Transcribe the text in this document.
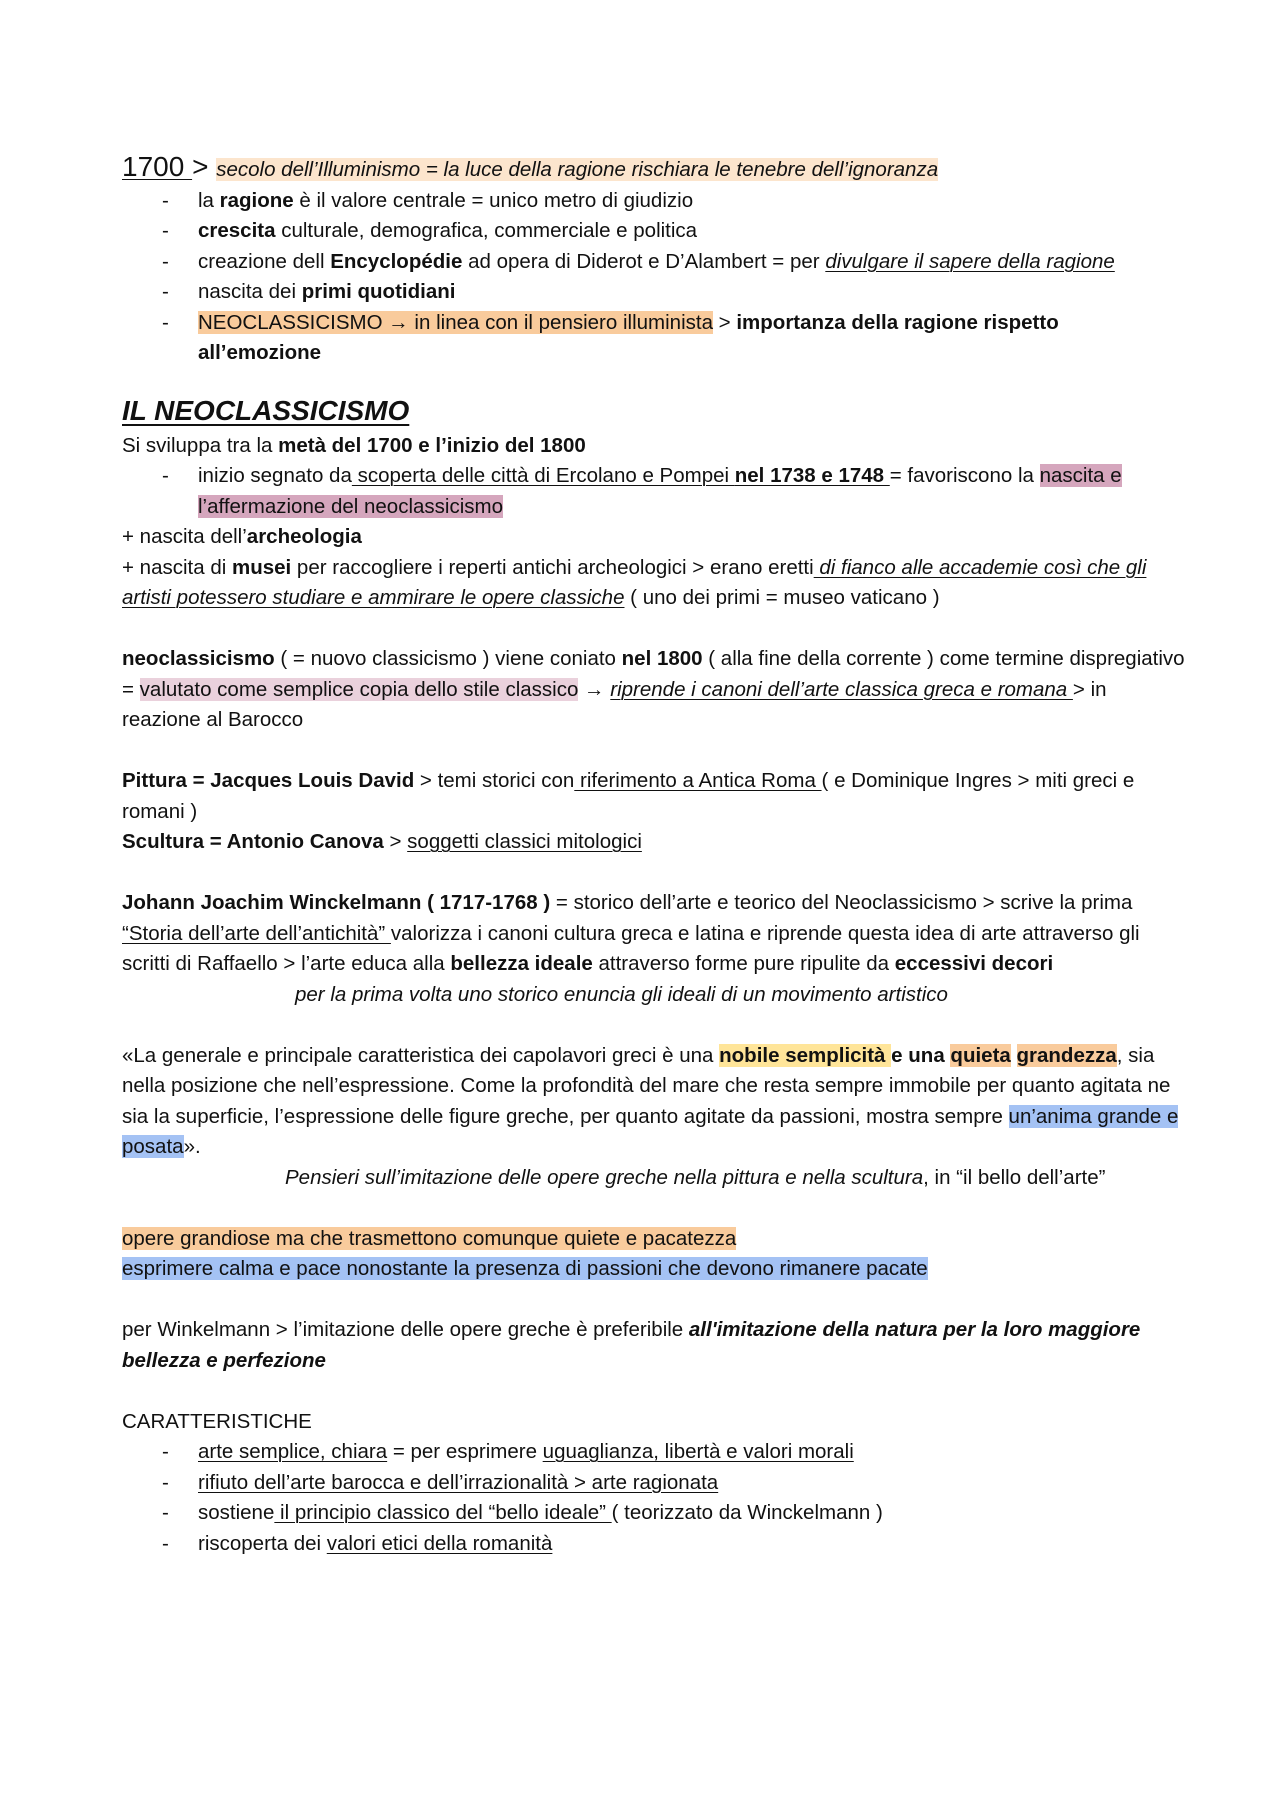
1700 > secolo dell’Illuminismo = la luce della ragione rischiara le tenebre dell’ignoranza

- la ragione è il valore centrale = unico metro di giudizio
- crescita culturale, demografica, commerciale e politica
- creazione dell Encyclopédie ad opera di Diderot e D’Alambert = per divulgare il sapere della ragione
- nascita dei primi quotidiani
- NEOCLASSICISMO → in linea con il pensiero illuminista > importanza della ragione rispetto all’emozione

IL NEOCLASSICISMO

Si sviluppa tra la metà del 1700 e l’inizio del 1800

- inizio segnato da scoperta delle città di Ercolano e Pompei nel 1738 e 1748 = favoriscono la nascita e l’affermazione del neoclassicismo

+ nascita dell’archeologia

+ nascita di musei per raccogliere i reperti antichi archeologici > erano eretti di fianco alle accademie così che gli artisti potessero studiare e ammirare le opere classiche ( uno dei primi = museo vaticano )

neoclassicismo ( = nuovo classicismo ) viene coniato nel 1800 ( alla fine della corrente ) come termine dispregiativo = valutato come semplice copia dello stile classico → riprende i canoni dell’arte classica greca e romana > in reazione al Barocco

Pittura = Jacques Louis David > temi storici con riferimento a Antica Roma ( e Dominique Ingres > miti greci e romani )

Scultura = Antonio Canova > soggetti classici mitologici

Johann Joachim Winckelmann ( 1717-1768 ) = storico dell’arte e teorico del Neoclassicismo > scrive la prima “Storia dell’arte dell’antichità” valorizza i canoni cultura greca e latina e riprende questa idea di arte attraverso gli scritti di Raffaello > l’arte educa alla bellezza ideale attraverso forme pure ripulite da eccessivi decori

per la prima volta uno storico enuncia gli ideali di un movimento artistico

«La generale e principale caratteristica dei capolavori greci è una nobile semplicità e una quieta grandezza, sia nella posizione che nell’espressione. Come la profondità del mare che resta sempre immobile per quanto agitata ne sia la superficie, l’espressione delle figure greche, per quanto agitate da passioni, mostra sempre un’anima grande e posata».

Pensieri sull’imitazione delle opere greche nella pittura e nella scultura, in “il bello dell’arte”

opere grandiose ma che trasmettono comunque quiete e pacatezza

esprimere calma e pace nonostante la presenza di passioni che devono rimanere pacate

per Winkelmann > l’imitazione delle opere greche è preferibile all'imitazione della natura per la loro maggiore bellezza e perfezione

CARATTERISTICHE

- arte semplice, chiara = per esprimere uguaglianza, libertà e valori morali
- rifiuto dell’arte barocca e dell’irrazionalità > arte ragionata
- sostiene il principio classico del “bello ideale” ( teorizzato da Winckelmann )
- riscoperta dei valori etici della romanità
